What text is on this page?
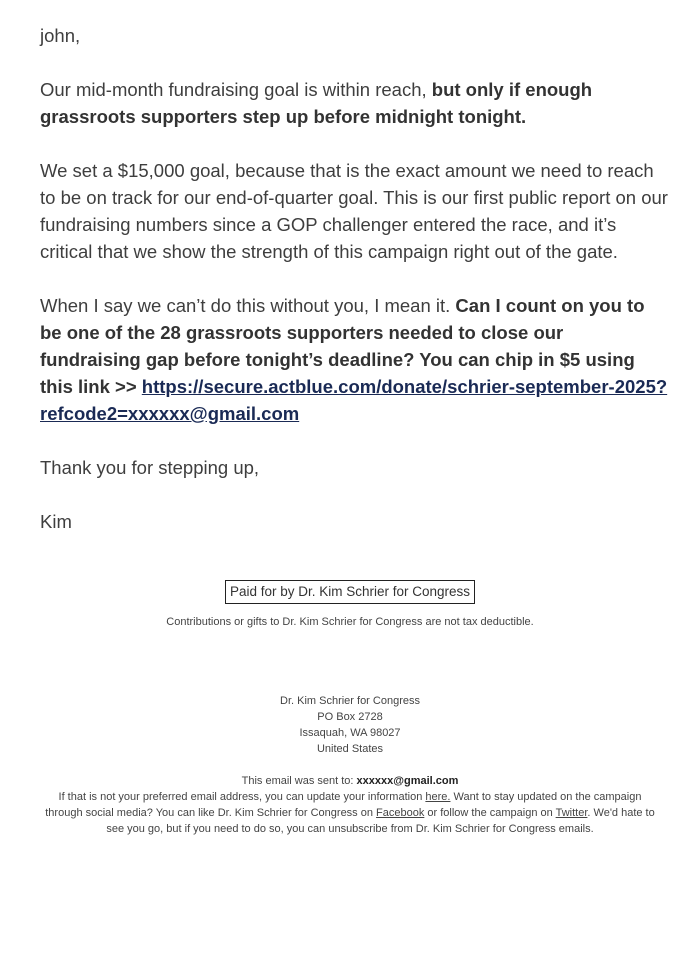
john,

Our mid-month fundraising goal is within reach, but only if enough grassroots supporters step up before midnight tonight.

We set a $15,000 goal, because that is the exact amount we need to reach to be on track for our end-of-quarter goal. This is our first public report on our fundraising numbers since a GOP challenger entered the race, and it’s critical that we show the strength of this campaign right out of the gate.

When I say we can’t do this without you, I mean it. Can I count on you to be one of the 28 grassroots supporters needed to close our fundraising gap before tonight’s deadline? You can chip in $5 using this link >> https://secure.actblue.com/donate/schrier-september-2025?refcode2=xxxxxx@gmail.com

Thank you for stepping up,

Kim

Paid for by Dr. Kim Schrier for Congress
Contributions or gifts to Dr. Kim Schrier for Congress are not tax deductible.
Dr. Kim Schrier for Congress
PO Box 2728
Issaquah, WA 98027
United States
This email was sent to: xxxxxx@gmail.com
If that is not your preferred email address, you can update your information here. Want to stay updated on the campaign through social media? You can like Dr. Kim Schrier for Congress on Facebook or follow the campaign on Twitter. We'd hate to see you go, but if you need to do so, you can unsubscribe from Dr. Kim Schrier for Congress emails.
